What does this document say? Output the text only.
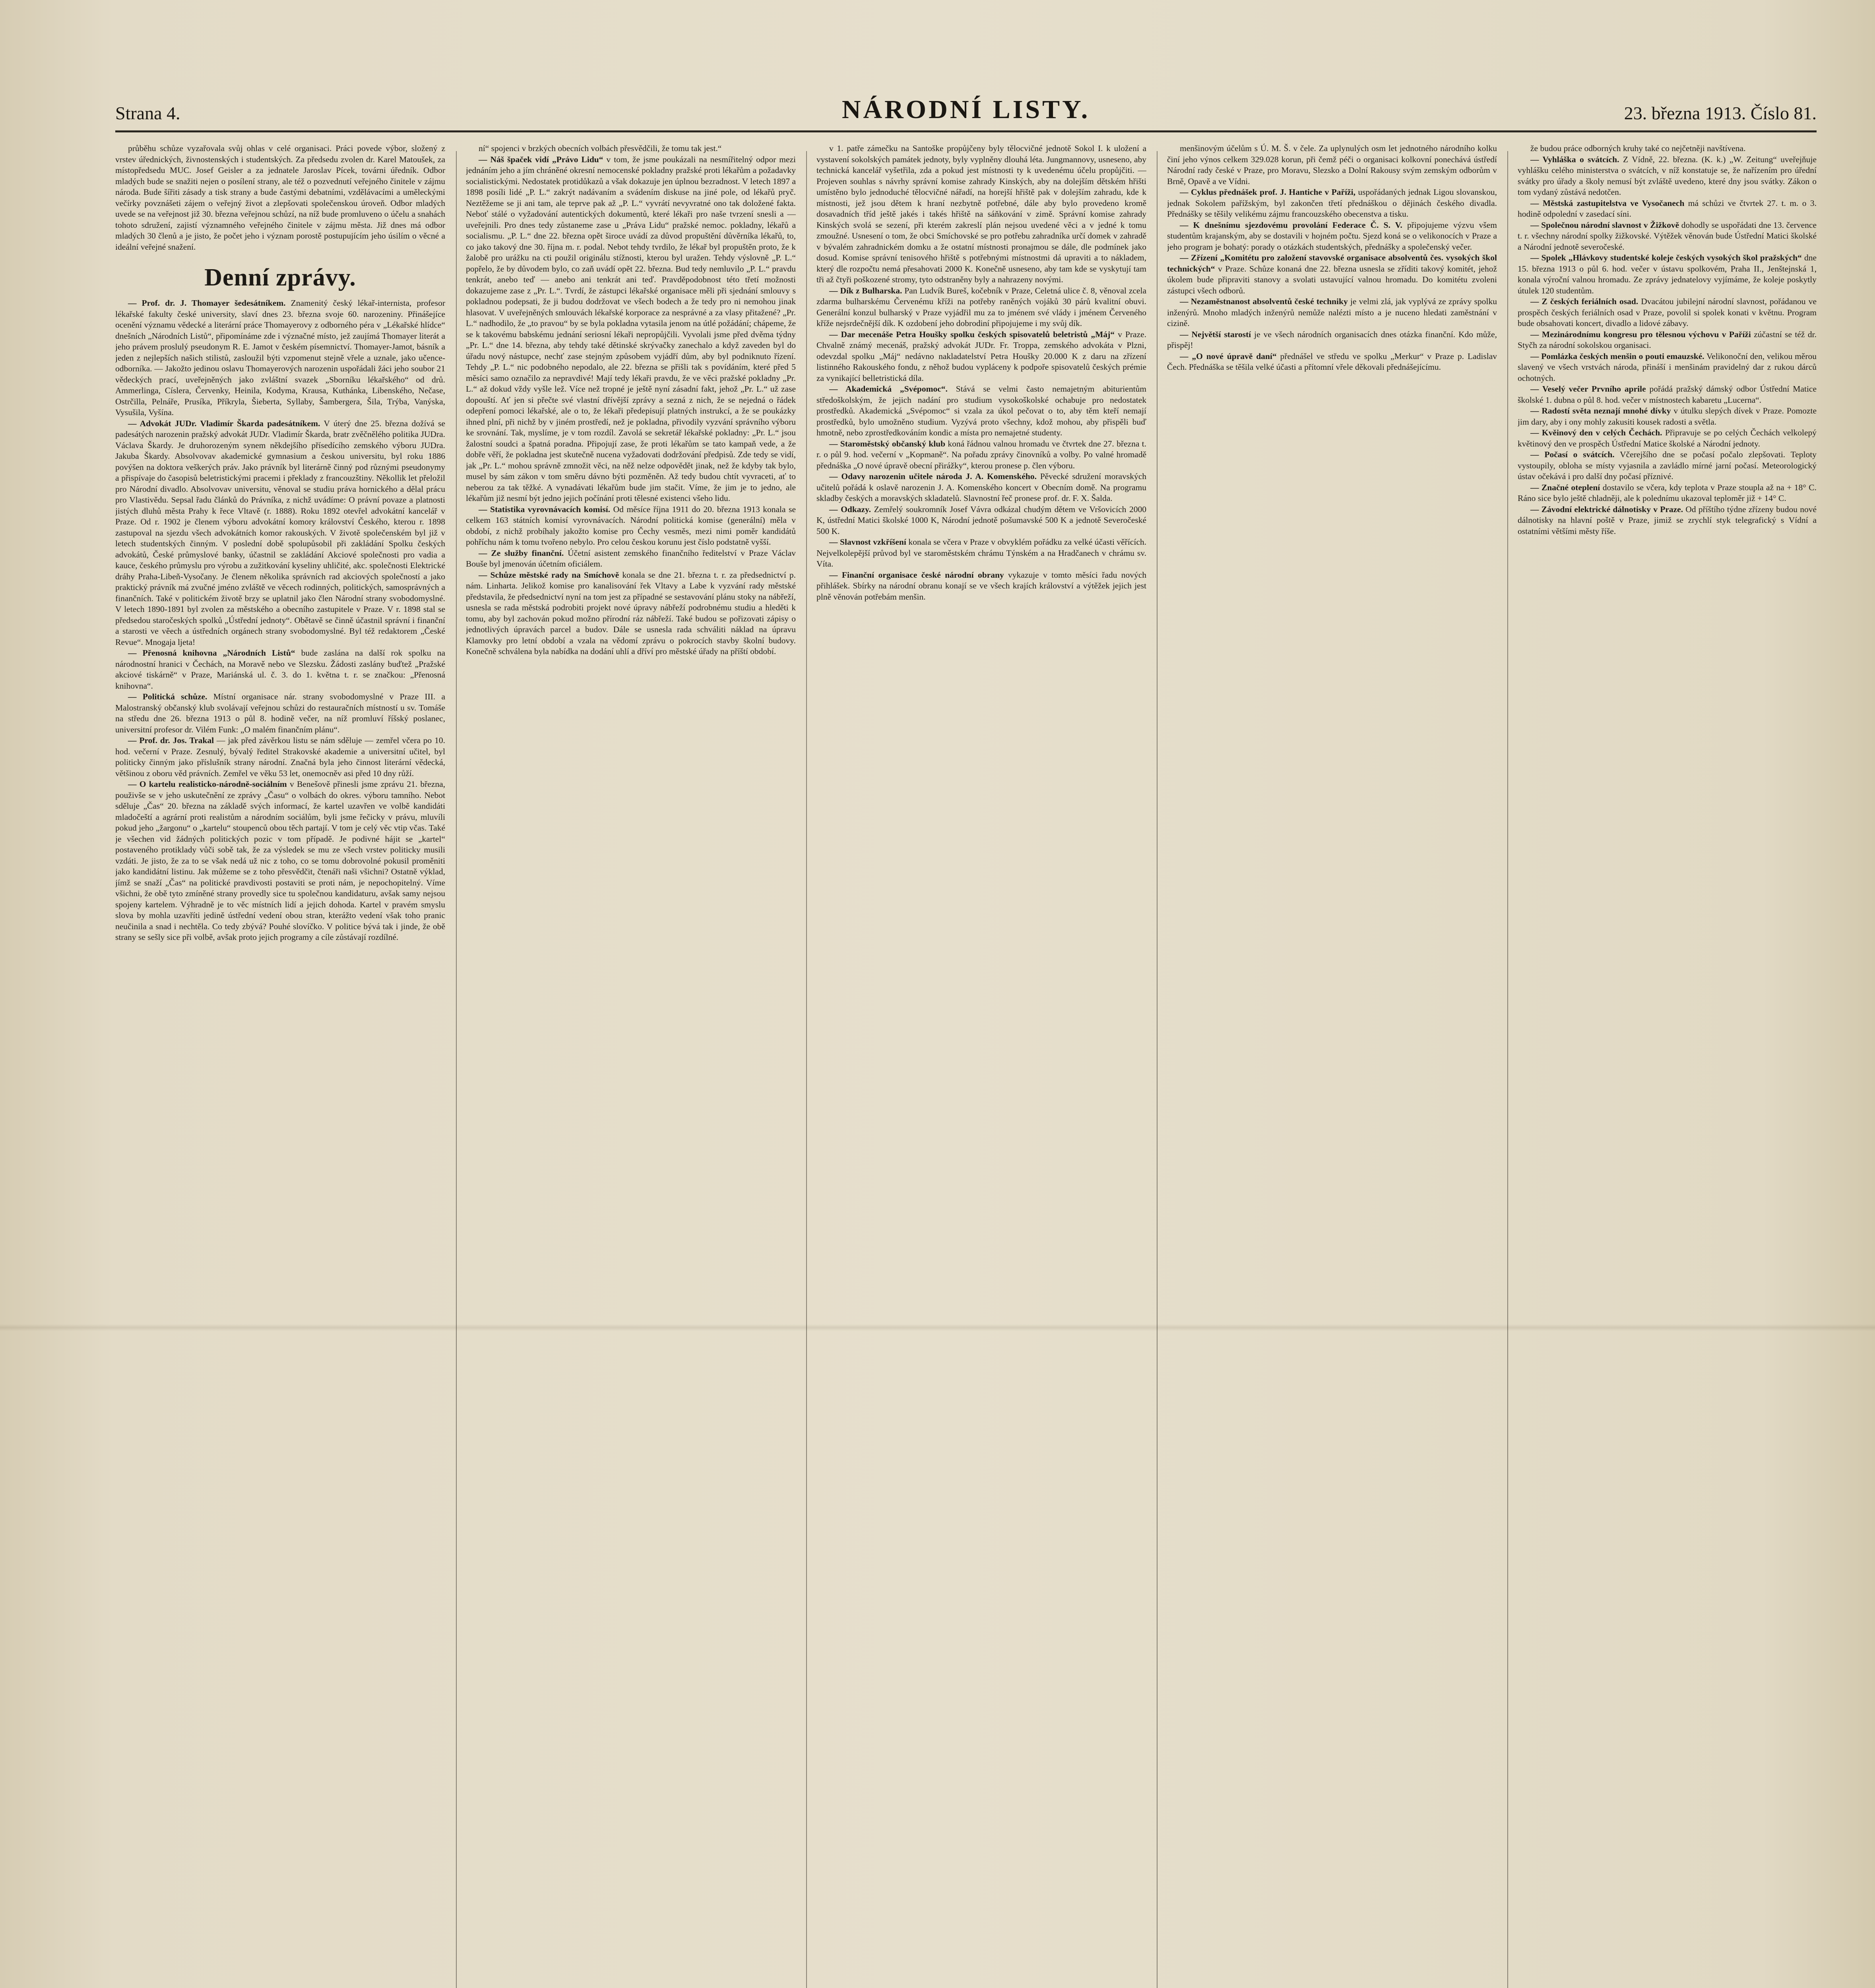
Strana 4.	NÁRODNÍ LISTY.	23. března 1913. Číslo 81.

průběhu schůze vyzařovala svůj ohlas v celé organisaci. Práci povede výbor, složený z vrstev úřednických, živnostenských i studentských. Za předsedu zvolen dr. Karel Matoušek, za místopředsedu MUC. Josef Geisler a za jednatele Jaroslav Pícek, továrni úředník. Odbor mladých bude se snažiti nejen o posílení strany, ale též o pozvednutí veřejného činitele v zájmu národa. Bude šířiti zásady a tisk strany a bude častými debatními, vzdělávacími a uměleckými večírky povznášeti zájem o veřejný život a zlepšovati společenskou úroveň. Odbor mladých uvede se na veřejnost již 30. března veřejnou schůzí, na níž bude promluveno o účelu a snahách tohoto sdružení, zajistí významného veřejného činitele v zájmu města. Již dnes má odbor mladých 30 členů a je jisto, že počet jeho i význam porostě postupujícím jeho úsilím o věcné a ideální veřejné snažení.

Denní zprávy.

— Prof. dr. J. Thomayer šedesátníkem. Znamenitý český lékař-internista, profesor lékařské fakulty české university, slaví dnes 23. března svoje 60. narozeniny. Přinášejíce ocenění významu vědecké a literární práce Thomayerovy z odborného péra v „Lékařské hlídce“ dnešních „Národních Listů“, připomínáme zde i význačné místo, jež zaujímá Thomayer literát a jeho právem proslulý pseudonym R. E. Jamot v českém písemnictví. Thomayer-Jamot, básník a jeden z nejlepších našich stilistů, zasloužil býti vzpomenut stejně vřele a uznale, jako učence-odborníka. — Jakožto jedinou oslavu Thomayerových narozenin uspořádali žáci jeho soubor 21 vědeckých prací, uveřejněných jako zvláštní svazek „Sborníku lékařského“ od drů. Ammerlinga, Císlera, Červenky, Heinila, Kodyma, Krausa, Kuthánka, Libenského, Nečase, Ostrčilla, Pelnáře, Prusíka, Příkryla, Šieberta, Syllaby, Šambergera, Šila, Trýba, Vanýska, Vysušila, Vyšína.

— Advokát JUDr. Vladimír Škarda padesátníkem. V úterý dne 25. března dožívá se padesátých narozenin pražský advokát JUDr. Vladimír Škarda, bratr zvěčnělého politika JUDra. Václava Škardy. Je druhorozeným synem někdejšího přísedícího zemského výboru JUDra. Jakuba Škardy. Absolvovav akademické gymnasium a českou universitu, byl roku 1886 povýšen na doktora veškerých práv. Jako právník byl literárně činný pod různými pseudonymy a přispívaje do časopisů beletristickými pracemi i překlady z francouzštiny. Někollik let přeložil pro Národní divadlo. Absolvovav universitu, věnoval se studiu práva hornického a dělal prácu pro Vlastivědu. Sepsal řadu článků do Právníka, z nichž uvádíme: O právní povaze a platnosti jistých dluhů města Prahy k řece Vltavě (r. 1888). Roku 1892 otevřel advokátní kancelář v Praze. Od r. 1902 je členem výboru advokátní komory království Českého, kterou r. 1898 zastupoval na sjezdu všech advokátních komor rakouských. V životě společenském byl již v letech studentských činným. V poslední době spolupůsobil při zakládání Spolku českých advokátů, České průmyslové banky, účastnil se zakládání Akciové společnosti pro vadia a kauce, českého průmyslu pro výrobu a zužitkování kyseliny uhličité, akc. společnosti Elektrické dráhy Praha-Libeň-Vysočany. Je členem několika správních rad akciových společností a jako praktický právník má zvučné jméno zvláště ve věcech rodinných, politických, samosprávných a finančních. Také v politickém životě brzy se uplatnil jako člen Národní strany svobodomyslné. V letech 1890-1891 byl zvolen za městského a obecního zastupitele v Praze. V r. 1898 stal se předsedou staročeských spolků „Ústřední jednoty“. Obětavě se činně účastnil správní i finanční a starosti ve věech a ústředních orgánech strany svobodomyslné. Byl též redaktorem „České Revue“. Mnogaja ljeta!

— Přenosná knihovna „Národních Listů“ bude zaslána na další rok spolku na národnostní hranici v Čechách, na Moravě nebo ve Slezsku. Žádosti zaslány buďtež „Pražské akciové tiskárně“ v Praze, Mariánská ul. č. 3. do 1. května t. r. se značkou: „Přenosná knihovna“.

— Politická schůze. Místní organisace nár. strany svobodomyslné v Praze III. a Malostranský občanský klub svolávají veřejnou schůzi do restauračních místností u sv. Tomáše na středu dne 26. března 1913 o půl 8. hodině večer, na níž promluví říšský poslanec, universitní profesor dr. Vilém Funk: „O malém finančním plánu“.

— Prof. dr. Jos. Trakal — jak před závěrkou listu se nám sděluje — zemřel včera po 10. hod. večerní v Praze. Zesnulý, bývalý ředitel Strakovské akademie a universitní učitel, byl politicky činným jako příslušník strany národní. Značná byla jeho činnost literární vědecká, většinou z oboru věd právních. Zemřel ve věku 53 let, onemocněv asi před 10 dny růží.

— O kartelu realisticko-národně-sociálním v Benešově přinesli jsme zprávu 21. března, použivše se v jeho uskutečnění ze zprávy „Času“ o volbách do okres. výboru tamního. Nebot sděluje „Čas“ 20. března na základě svých informací, že kartel uzavřen ve volbě kandidáti mladočeští a agrární proti realistům a národním sociálům, byli jsme řečicky v právu, mluvíli pokud jeho „žargonu“ o „kartelu“ stoupenců obou těch partají. V tom je celý věc vtip včas. Také je všechen vid žádných politických pozic v tom případě. Je podivné hájit se „kartel“ postaveného protiklady vůči sobě tak, že za výsledek se mu ze všech vrstev politicky musili vzdáti. Je jisto, že za to se však nedá už nic z toho, co se tomu dobrovolné pokusil proměniti jako kandidátní listinu. Jak můžeme se z toho přesvědčit, čtenáři naši všichni? Ostatně výklad, jímž se snaží „Čas“ na politické pravdivosti postaviti se proti nám, je nepochopitelný. Víme všichni, že obě tyto zmíněné strany provedly sice tu společnou kandidaturu, avšak samy nejsou spojeny kartelem. Výhradně je to věc místních lidí a jejich dohoda. Kartel v pravém smyslu slova by mohla uzavříti jedině ústřední vedení obou stran, kterážto vedení však toho pranic neučinila a snad i nechtěla. Co tedy zbývá? Pouhé slovíčko. V politice bývá tak i jinde, že obě strany se sešly sice při volbě, avšak proto jejich programy a cíle zůstávají rozdílné.

ní“ spojenci v brzkých obecních volbách přesvědčili, že tomu tak jest.“

— Náš špaček vidí „Právo Lidu“ v tom, že jsme poukázali na nesmířitelný odpor mezi jednáním jeho a jím chráněné okresní nemocenské pokladny pražské proti lékařům a požadavky socialistickými. Nedostatek protidůkazů a však dokazuje jen úplnou bezradnost. V letech 1897 a 1898 posíli lidé „P. L.“ zakrýt nadávaním a svádením diskuse na jiné pole, od lékařů pryč. Neztěžeme se ji ani tam, ale teprve pak až „P. L.“ vyvrátí nevyvratné ono tak doložené fakta. Neboť stálé o vyžadování autentických dokumentů, které lékaři pro naše tvrzení snesli a — uveřejnili. Pro dnes tedy zůstaneme zase u „Práva Lidu“ pražské nemoc. pokladny, lékařů a socialismu. „P. L.“ dne 22. března opět široce uvádí za důvod propuštění důvěrníka lékařů, to, co jako takový dne 30. října m. r. podal. Nebot tehdy tvrdilo, že lékař byl propuštěn proto, že k žalobě pro urážku na cti použil originálu stížnosti, kterou byl uražen. Tehdy výslovně „P. L.“ popřelo, že by důvodem bylo, co zaň uvádí opět 22. března. Bud tedy nemluvilo „P. L.“ pravdu tenkrát, anebo teď — anebo ani tenkrát ani teď. Pravděpodobnost této třetí možnosti dokazujeme zase z „Pr. L.“. Tvrdí, že zástupci lékařské organisace měli při sjednání smlouvy s pokladnou podepsati, že ji budou dodržovat ve všech bodech a že tedy pro ni nemohou jinak hlasovat. V uveřejněných smlouvách lékařské korporace za nesprávné a za vlasy přitažené? „Pr. L.“ nadhodilo, že „to pravou“ by se byla pokladna vytasila jenom na útlé požádání; chápeme, že se k takovému babskému jednání seriosní lékaři nepropůjčili. Vyvolali jsme před dvěma týdny „Pr. L.“ dne 14. března, aby tehdy také dětinské skrývačky zanechalo a když zaveden byl do úřadu nový nástupce, nechť zase stejným způsobem vyjádří dům, aby byl podniknuto řízení. Tehdy „P. L.“ nic podobného nepodalo, ale 22. března se přišli tak s povídáním, které před 5 měsíci samo označilo za nepravdivé! Mají tedy lékaři pravdu, že ve věci pražské pokladny „Pr. L.“ až dokud vždy vyšle lež. Více než tropné je ještě nyní zásadní fakt, jehož „Pr. L.“ už zase dopouští. Ať jen si přečte své vlastní dřívější zprávy a sezná z nich, že se nejedná o řádek odepření pomoci lékařské, ale o to, že lékaři předepisují platných instrukcí, a že se poukázky ihned plní, při nichž by v jiném prostředí, než je pokladna, přivodily vyzvání správního výboru ke srovnání. Tak, myslíme, je v tom rozdíl. Zavolá se sekretář lékařské pokladny: „Pr. L.“ jsou žalostní soudci a špatná poradna. Připojují zase, že proti lékařům se tato kampaň vede, a že dobře věří, že pokladna jest skutečně nucena vyžadovati dodržování předpisů. Zde tedy se vidí, jak „Pr. L.“ mohou správně zmnožit věci, na něž nelze odpovědět jinak, než že kdyby tak bylo, musel by sám zákon v tom směru dávno býti pozměněn. Až tedy budou chtít vyvraceti, ať to neberou za tak těžké. A vynadávati lékařům bude jim stačit. Víme, že jim je to jedno, ale lékařům již nesmí být jedno jejich počínání proti tělesné existenci všeho lidu.

— Statistika vyrovnávacích komisí. Od měsíce října 1911 do 20. března 1913 konala se celkem 163 státních komisí vyrovnávacích. Národní politická komise (generální) měla v období, z nichž probíhaly jakožto komise pro Čechy vesměs, mezi nimi poměr kandidátů pohříchu nám k tomu tvořeno nebylo. Pro celou českou korunu jest číslo podstatně vyšší.

— Ze služby finanční. Účetní asistent zemského finančního ředitelství v Praze Václav Bouše byl jmenován účetním oficiálem.

— Schůze městské rady na Smíchově konala se dne 21. března t. r. za předsednictví p. nám. Linharta. Jelikož komise pro kanalisování řek Vltavy a Labe k vyzvání rady městské představila, že předsednictví nyní na tom jest za případné se sestavování plánu stoky na nábřeží, usnesla se rada městská podrobiti projekt nové úpravy nábřeží podrobnému studiu a hleděti k tomu, aby byl zachován pokud možno přírodní ráz nábřeží. Také budou se pořizovati zápisy o jednotlivých úpravách parcel a budov. Dále se usnesla rada schváliti náklad na úpravu Klamovky pro letní období a vzala na vědomí zprávu o pokrocích stavby školní budovy. Konečně schválena byla nabídka na dodání uhlí a dříví pro městské úřady na příští období.

v 1. patře zámečku na Santoške propůjčeny byly tělocvičné jednotě Sokol I. k uložení a vystavení sokolských památek jednoty, byly vyplněny dlouhá léta. Jungmannovy, usneseno, aby technická kancelář vyšetřila, zda a pokud jest místnosti ty k uvedenému účelu propůjčiti. — Projeven souhlas s návrhy správní komise zahrady Kinských, aby na dolejším dětském hřišti umístěno bylo jednoduché tělocvičné nářadí, na horejší hřiště pak v dolejším zahradu, kde k místnosti, jež jsou dětem k hraní nezbytně potřebné, dále aby bylo provedeno kromě dosavadních tříd ještě jakés i takés hřiště na sáňkování v zimě. Správní komise zahrady Kinských svolá se sezení, při kterém zakreslí plán nejsou uvedené věci a v jedné k tomu zmoužné. Usnesení o tom, že obci Smíchovské se pro potřebu zahradníka určí domek v zahradě v bývalém zahradnickém domku a že ostatní místnosti pronajmou se dále, dle podmínek jako dosud. Komise správní tenisového hřiště s potřebnými místnostmi dá upraviti a to nákladem, který dle rozpočtu nemá přesahovati 2000 K. Konečně usneseno, aby tam kde se vyskytují tam tři až čtyři poškozené stromy, tyto odstraněny byly a nahrazeny novými.

— Dík z Bulharska. Pan Ludvík Bureš, kočebník v Praze, Celetná ulice č. 8, věnoval zcela zdarma bulharskému Červenému kříži na potřeby raněných vojáků 30 párů kvalitní obuvi. Generální konzul bulharský v Praze vyjádřil mu za to jménem své vlády i jménem Červeného kříže nejsrdečnější dík. K ozdobení jeho dobrodiní připojujeme i my svůj dík.

— Dar mecenáše Petra Houšky spolku českých spisovatelů beletristů „Máj“ v Praze. Chvalně známý mecenáš, pražský advokát JUDr. Fr. Troppa, zemského advokáta v Plzni, odevzdal spolku „Máj“ nedávno nakladatelství Petra Houšky 20.000 K z daru na zřízení listinného Rakouského fondu, z něhož budou vypláceny k podpoře spisovatelů českých prémie za vynikající belletristická díla.

— Akademická „Svépomoc“. Stává se velmi často nemajetným abiturientům středoškolským, že jejich nadání pro studium vysokoškolské ochabuje pro nedostatek prostředků. Akademická „Svépomoc“ si vzala za úkol pečovat o to, aby těm kteří nemají prostředků, bylo umožněno studium. Vyzývá proto všechny, kdož mohou, aby přispěli buď hmotně, nebo zprostředkováním kondic a místa pro nemajetné studenty.

— Staroměstský občanský klub koná řádnou valnou hromadu ve čtvrtek dne 27. března t. r. o půl 9. hod. večerní v „Kopmaně“. Na pořadu zprávy činovníků a volby. Po valné hromadě přednáška „O nové úpravě obecní přirážky“, kterou pronese p. člen výboru.

— Odavy narozenin učitele národa J. A. Komenského. Pěvecké sdružení moravských učitelů pořádá k oslavě narozenin J. A. Komenského koncert v Obecním domě. Na programu skladby českých a moravských skladatelů. Slavnostní řeč pronese prof. dr. F. X. Šalda.

— Odkazy. Zemřelý soukromník Josef Vávra odkázal chudým dětem ve Vršovicích 2000 K, ústřední Matici školské 1000 K, Národní jednotě pošumavské 500 K a jednotě Severočeské 500 K.

— Slavnost vzkříšení konala se včera v Praze v obvyklém pořádku za velké účasti věřících. Nejvelkolepější průvod byl ve staroměstském chrámu Týnském a na Hradčanech v chrámu sv. Víta.

— Finanční organisace české národní obrany vykazuje v tomto měsíci řadu nových přihlášek. Sbírky na národní obranu konají se ve všech krajích království a výtěžek jejich jest plně věnován potřebám menšin.

menšinovým účelům s Ú. M. Š. v čele. Za uplynulých osm let jednotného národního kolku činí jeho výnos celkem 329.028 korun, při čemž péči o organisaci kolkovní ponechává ústředí Národní rady české v Praze, pro Moravu, Slezsko a Dolní Rakousy svým zemským odborům v Brně, Opavě a ve Vídni.

— Cyklus přednášek prof. J. Hantiche v Paříži, uspořádaných jednak Ligou slovanskou, jednak Sokolem pařížským, byl zakončen třetí přednáškou o dějinách českého divadla. Přednášky se těšily velikému zájmu francouzského obecenstva a tisku.

— K dnešnímu sjezdovému provolání Federace Č. S. V. připojujeme výzvu všem studentům krajanským, aby se dostavili v hojném počtu. Sjezd koná se o velikonocích v Praze a jeho program je bohatý: porady o otázkách studentských, přednášky a společenský večer.

— Zřízení „Komitétu pro založení stavovské organisace absolventů čes. vysokých škol technických“ v Praze. Schůze konaná dne 22. března usnesla se zříditi takový komitét, jehož úkolem bude připraviti stanovy a svolati ustavující valnou hromadu. Do komitétu zvoleni zástupci všech odborů.

— Nezaměstnanost absolventů české techniky je velmi zlá, jak vyplývá ze zprávy spolku inženýrů. Mnoho mladých inženýrů nemůže nalézti místo a je nuceno hledati zaměstnání v cizině.

— Největší starostí je ve všech národních organisacích dnes otázka finanční. Kdo může, přispěj!

— „O nové úpravě daní“ přednášel ve středu ve spolku „Merkur“ v Praze p. Ladislav Čech. Přednáška se těšila velké účasti a přítomní vřele děkovali přednášejícímu.

že budou práce odborných kruhy také co nejčetněji navštívena.

— Vyhláška o svátcích. Z Vídně, 22. března. (K. k.) „W. Zeitung“ uveřejňuje vyhlášku celého ministerstva o svátcích, v níž konstatuje se, že nařízením pro úřední svátky pro úřady a školy nemusí být zvláště uvedeno, které dny jsou svátky. Zákon o tom vydaný zůstává nedotčen.

— Městská zastupitelstva ve Vysočanech má schůzi ve čtvrtek 27. t. m. o 3. hodině odpolední v zasedací síni.

— Společnou národní slavnost v Žižkově dohodly se uspořádati dne 13. července t. r. všechny národní spolky žižkovské. Výtěžek věnován bude Ústřední Matici školské a Národní jednotě severočeské.

— Spolek „Hlávkovy studentské koleje českých vysokých škol pražských“ dne 15. března 1913 o půl 6. hod. večer v ústavu spolkovém, Praha II., Jenštejnská 1, konala výroční valnou hromadu. Ze zprávy jednatelovy vyjímáme, že koleje poskytly útulek 120 studentům.

— Z českých feriálních osad. Dvacátou jubilejní národní slavnost, pořádanou ve prospěch českých feriálních osad v Praze, povolil si spolek konati v květnu. Program bude obsahovati koncert, divadlo a lidové zábavy.

— Mezinárodnímu kongresu pro tělesnou výchovu v Paříži zúčastní se též dr. Styčh za národní sokolskou organisaci.

— Pomlázka českých menšin o pouti emauzské. Velikonoční den, velikou měrou slavený ve všech vrstvách národa, přináší i menšinám pravidelný dar z rukou dárců ochotných.

— Veselý večer Prvního aprile pořádá pražský dámský odbor Ústřední Matice školské 1. dubna o půl 8. hod. večer v místnostech kabaretu „Lucerna“.

— Radostí světa neznají mnohé dívky v útulku slepých dívek v Praze. Pomozte jim dary, aby i ony mohly zakusiti kousek radosti a světla.

— Kvěinový den v celých Čechách. Připravuje se po celých Čechách velkolepý květinový den ve prospěch Ústřední Matice školské a Národní jednoty.

— Počasí o svátcích. Včerejšího dne se počasí počalo zlepšovati. Teploty vystoupily, obloha se místy vyjasnila a zavládlo mírné jarní počasí. Meteorologický ústav očekává i pro další dny počasí příznivé.

— Značné oteplení dostavilo se včera, kdy teplota v Praze stoupla až na + 18° C. Ráno sice bylo ještě chladněji, ale k polednímu ukazoval teploměr již + 14° C.

— Závodní elektrické dálnotisky v Praze. Od příštího týdne zřízeny budou nové dálnotisky na hlavní poště v Praze, jimiž se zrychlí styk telegrafický s Vídní a ostatními většími městy říše.
